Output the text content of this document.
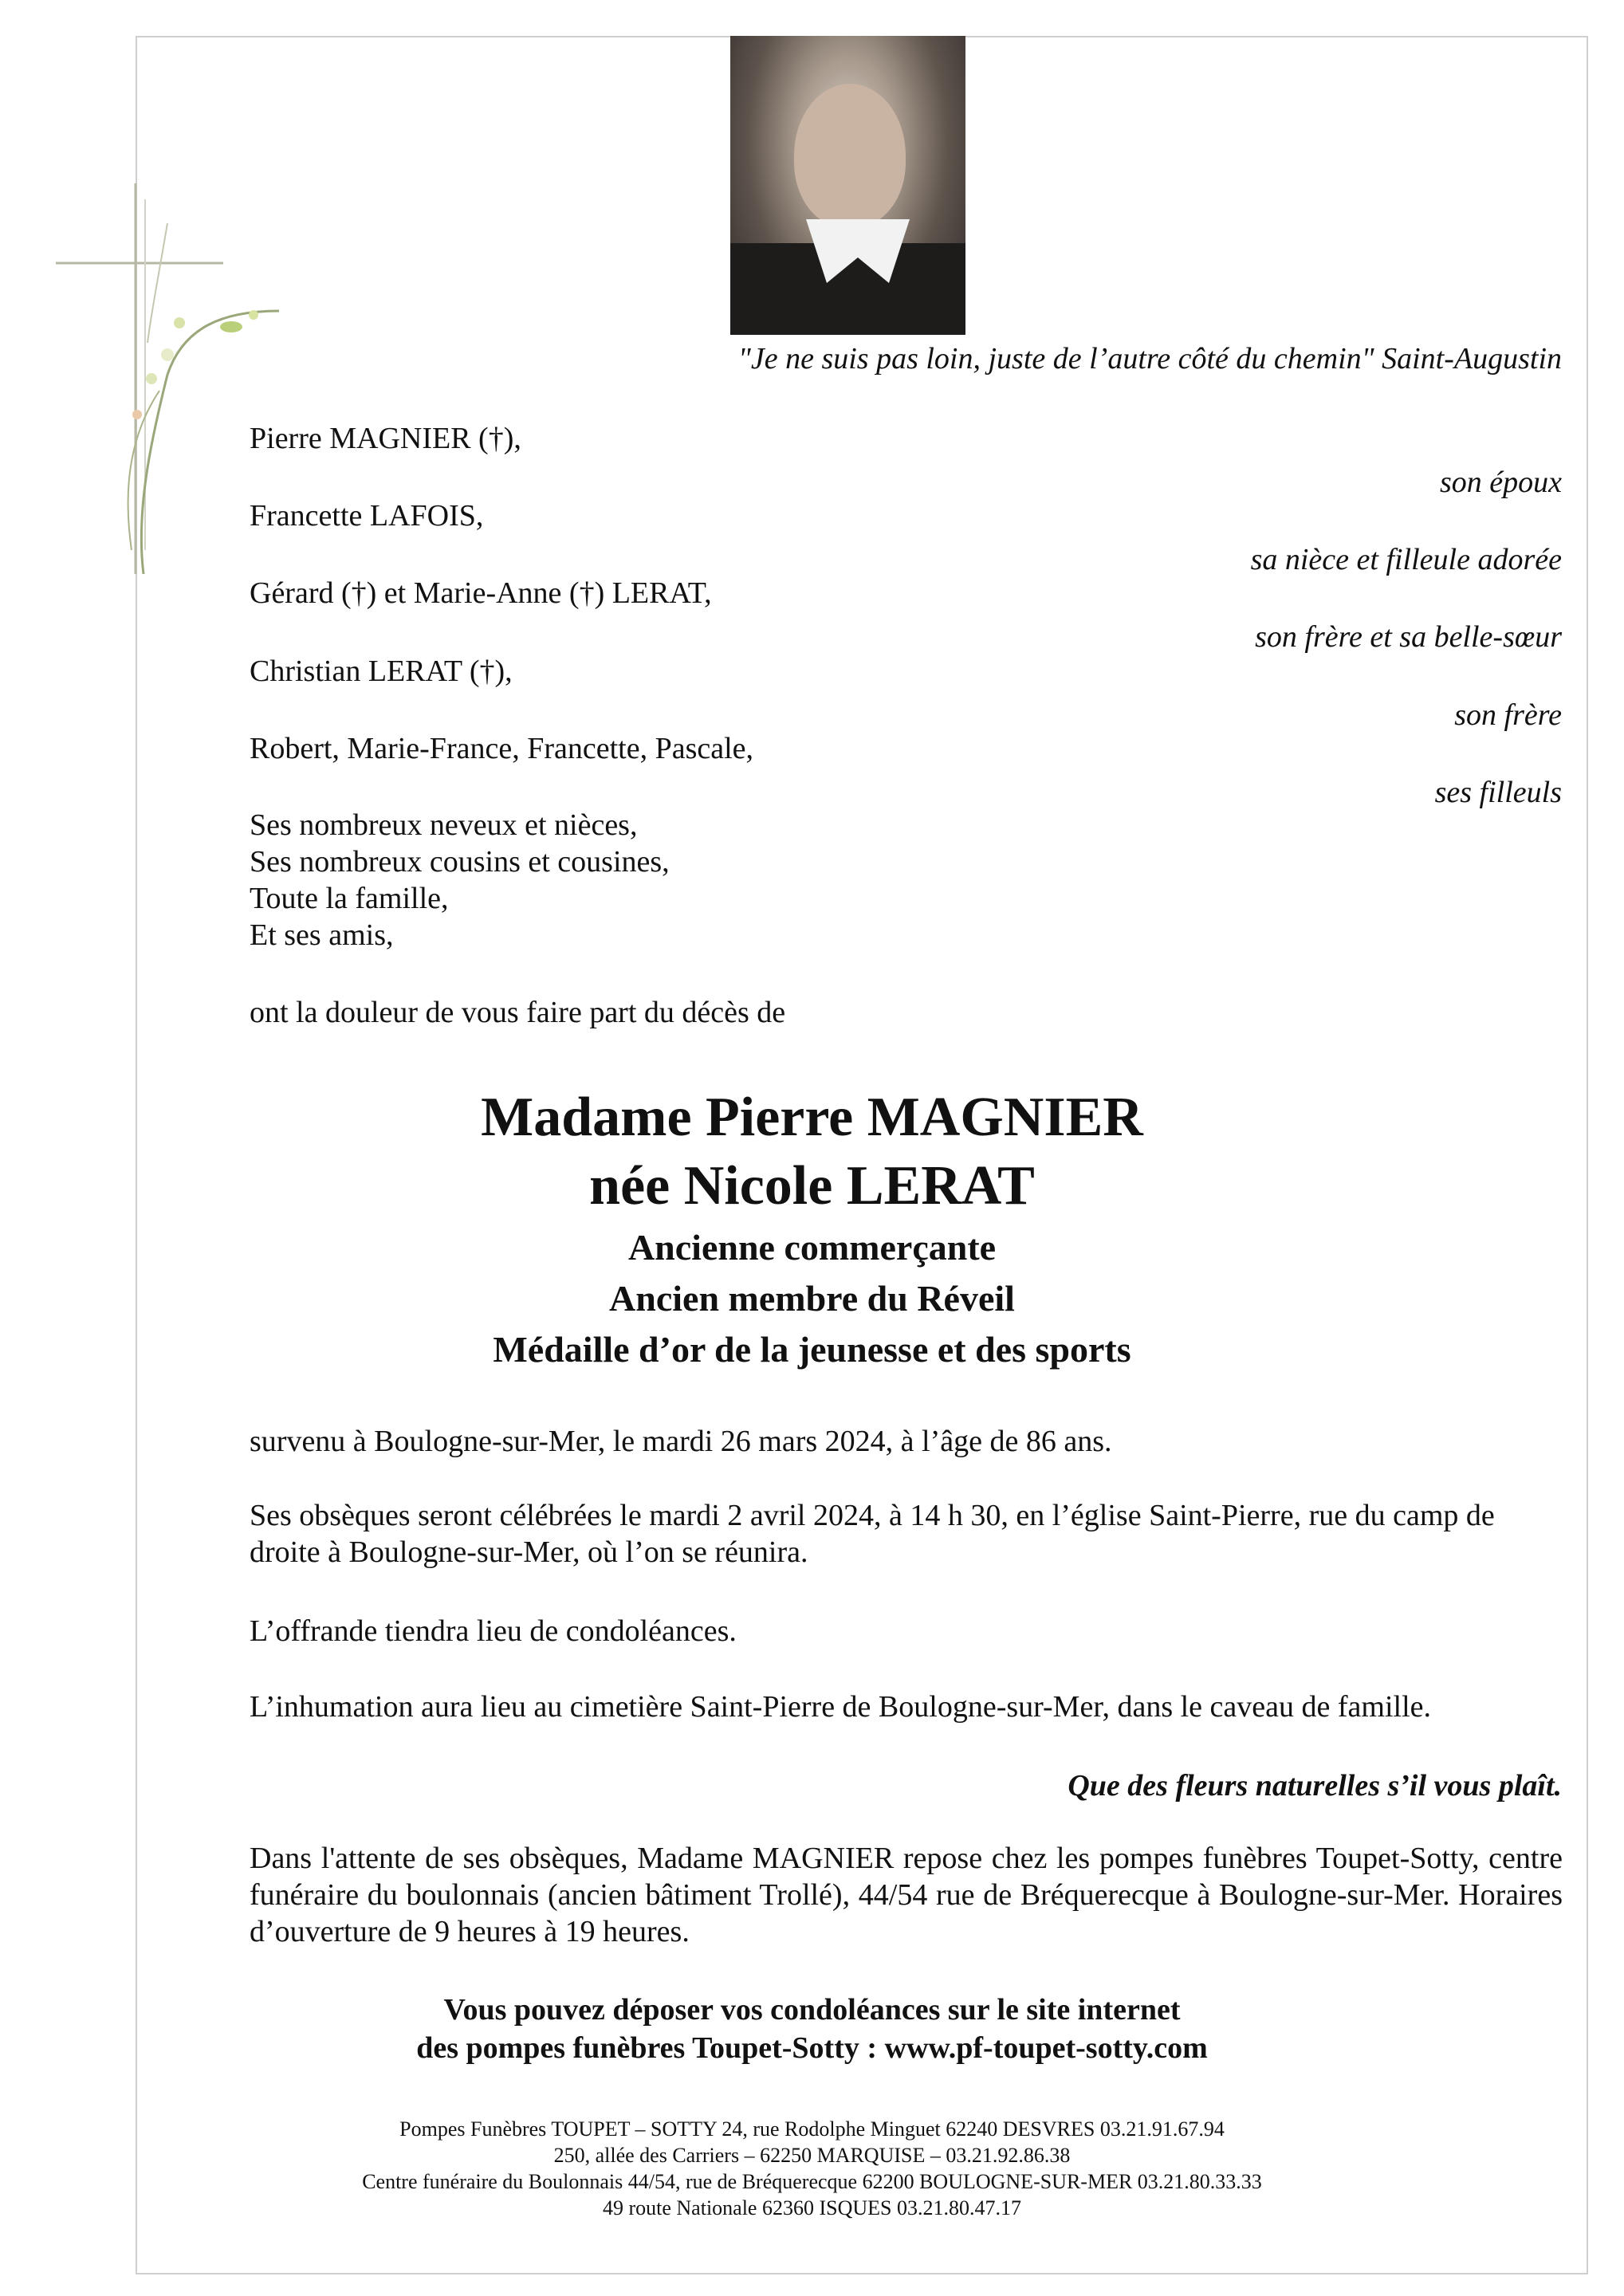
"Je ne suis pas loin, juste de l’autre côté du chemin" Saint-Augustin
Pierre MAGNIER (†),
son époux
Francette LAFOIS,
sa nièce et filleule adorée
Gérard (†) et Marie-Anne (†) LERAT,
son frère et sa belle-sœur
Christian LERAT (†),
son frère
Robert, Marie-France, Francette, Pascale,
ses filleuls
Ses nombreux neveux et nièces,
Ses nombreux cousins et cousines,
Toute la famille,
Et ses amis,
ont la douleur de vous faire part du décès de
Madame Pierre MAGNIER
née Nicole LERAT
Ancienne commerçante
Ancien membre du Réveil
Médaille d’or de la jeunesse et des sports
survenu à Boulogne-sur-Mer, le mardi 26 mars 2024, à l’âge de 86 ans.
Ses obsèques seront célébrées le mardi 2 avril 2024, à 14 h 30, en l’église Saint-Pierre, rue du camp de droite à Boulogne-sur-Mer, où l’on se réunira.
L’offrande tiendra lieu de condoléances.
L’inhumation aura lieu au cimetière Saint-Pierre de Boulogne-sur-Mer, dans le caveau de famille.
Que des fleurs naturelles s’il vous plaît.
Dans l'attente de ses obsèques, Madame MAGNIER repose chez les pompes funèbres Toupet-Sotty, centre funéraire du boulonnais (ancien bâtiment Trollé), 44/54 rue de Bréquerecque à Boulogne-sur-Mer. Horaires d’ouverture de 9 heures à 19 heures.
Vous pouvez déposer vos condoléances sur le site internet
des pompes funèbres Toupet-Sotty : www.pf-toupet-sotty.com
Pompes Funèbres TOUPET – SOTTY 24, rue Rodolphe Minguet 62240 DESVRES 03.21.91.67.94
250, allée des Carriers – 62250 MARQUISE – 03.21.92.86.38
Centre funéraire du Boulonnais 44/54, rue de Bréquerecque 62200 BOULOGNE-SUR-MER 03.21.80.33.33
49 route Nationale 62360 ISQUES 03.21.80.47.17
